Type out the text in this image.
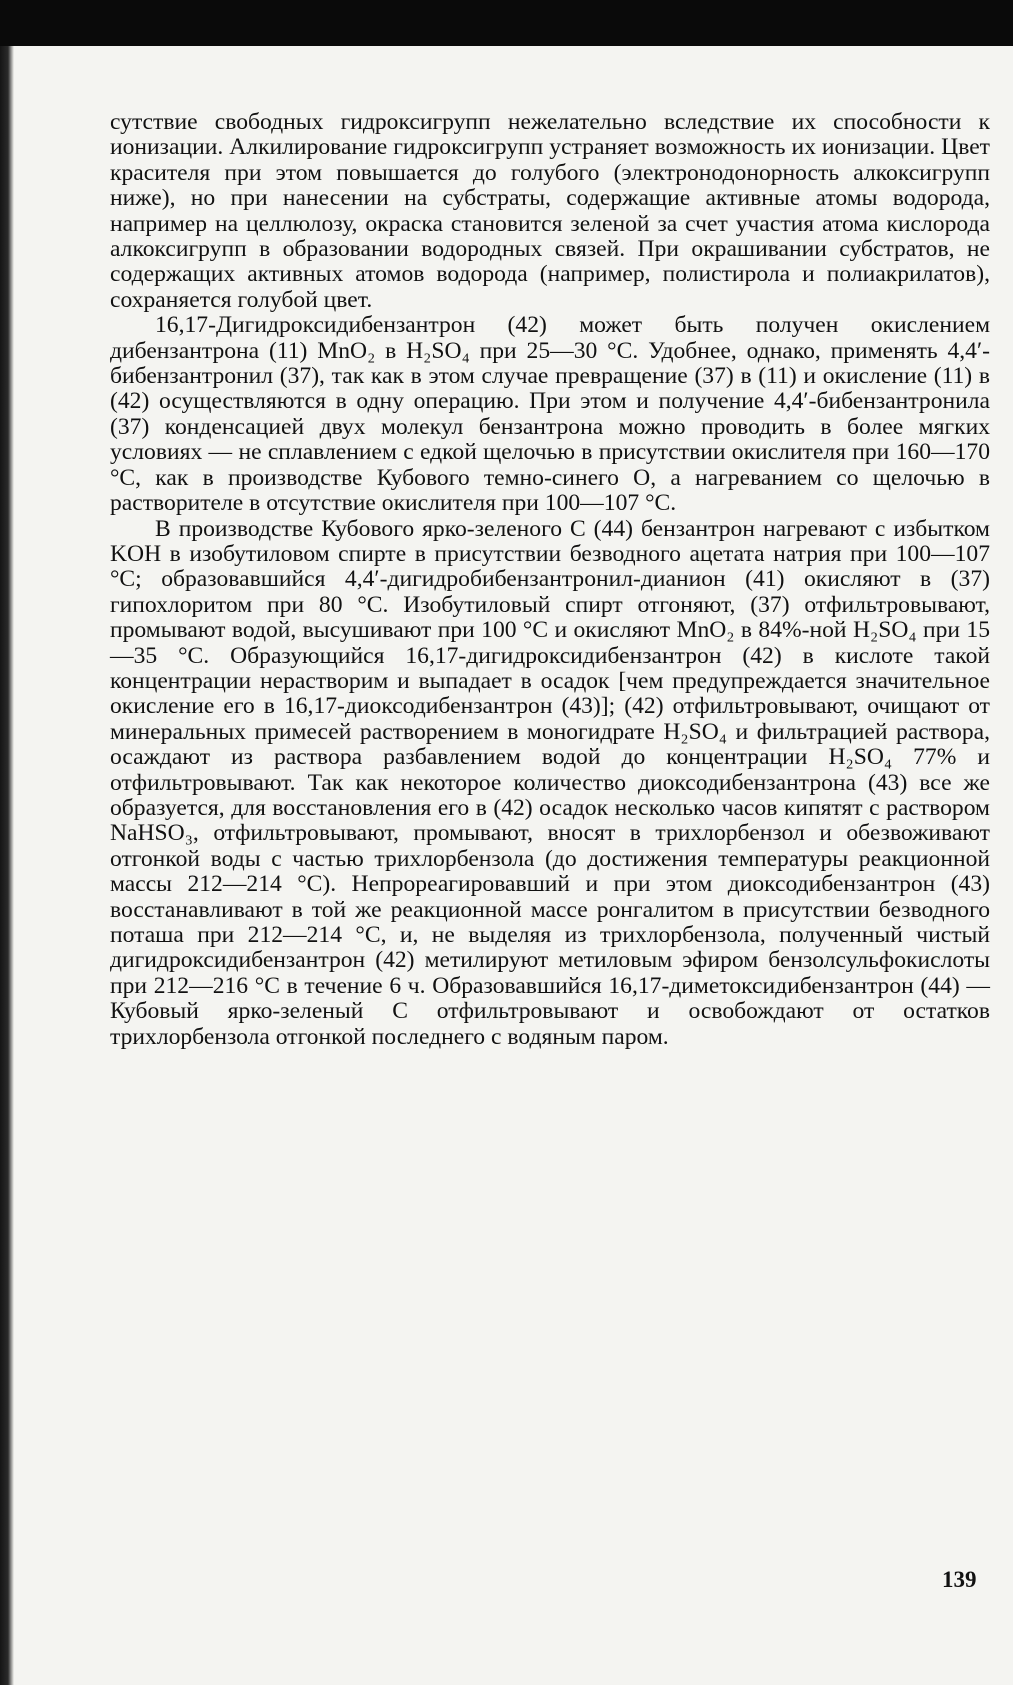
сутствие свободных гидроксигрупп нежелательно вследствие их способности к ионизации. Алкилирование гидроксигрупп устраняет возможность их ионизации. Цвет красителя при этом повышается до голубого (электронодонорность алкоксигрупп ниже), но при нанесении на субстраты, содержащие активные атомы водорода, например на целлюлозу, окраска становится зеленой за счет участия атома кислорода алкоксигрупп в образовании водородных связей. При окрашивании субстратов, не содержащих активных атомов водорода (например, полистирола и полиакрилатов), сохраняется голубой цвет.

16,17-Дигидроксидибензантрон (42) может быть получен окислением дибензантрона (11) MnO₂ в H₂SO₄ при 25—30 °C. Удобнее, однако, применять 4,4′-бибензантронил (37), так как в этом случае превращение (37) в (11) и окисление (11) в (42) осуществляются в одну операцию. При этом и получение 4,4′-бибензантронила (37) конденсацией двух молекул бензантрона можно проводить в более мягких условиях — не сплавлением с едкой щелочью в присутствии окислителя при 160—170 °C, как в производстве Кубового темно-синего О, а нагреванием со щелочью в растворителе в отсутствие окислителя при 100—107 °C.

В производстве Кубового ярко-зеленого С (44) бензантрон нагревают с избытком KOH в изобутиловом спирте в присутствии безводного ацетата натрия при 100—107 °C; образовавшийся 4,4′-дигидробибензантронил-дианион (41) окисляют в (37) гипохлоритом при 80 °C. Изобутиловый спирт отгоняют, (37) отфильтровывают, промывают водой, высушивают при 100 °C и окисляют MnO₂ в 84%-ной H₂SO₄ при 15—35 °C. Образующийся 16,17-дигидроксидибензантрон (42) в кислоте такой концентрации нерастворим и выпадает в осадок [чем предупреждается значительное окисление его в 16,17-диоксодибензантрон (43)]; (42) отфильтровывают, очищают от минеральных примесей растворением в моногидрате H₂SO₄ и фильтрацией раствора, осаждают из раствора разбавлением водой до концентрации H₂SO₄ 77% и отфильтровывают. Так как некоторое количество диоксодибензантрона (43) все же образуется, для восстановления его в (42) осадок несколько часов кипятят с раствором NaHSO₃, отфильтровывают, промывают, вносят в трихлорбензол и обезвоживают отгонкой воды с частью трихлорбензола (до достижения температуры реакционной массы 212—214 °C). Непрореагировавший и при этом диоксодибензантрон (43) восстанавливают в той же реакционной массе ронгалитом в присутствии безводного поташа при 212—214 °C, и, не выделяя из трихлорбензола, полученный чистый дигидроксидибензантрон (42) метилируют метиловым эфиром бензолсульфокислоты при 212—216 °C в течение 6 ч. Образовавшийся 16,17-диметоксидибензантрон (44) — Кубовый ярко-зеленый С отфильтровывают и освобождают от остатков трихлорбензола отгонкой последнего с водяным паром.

139
